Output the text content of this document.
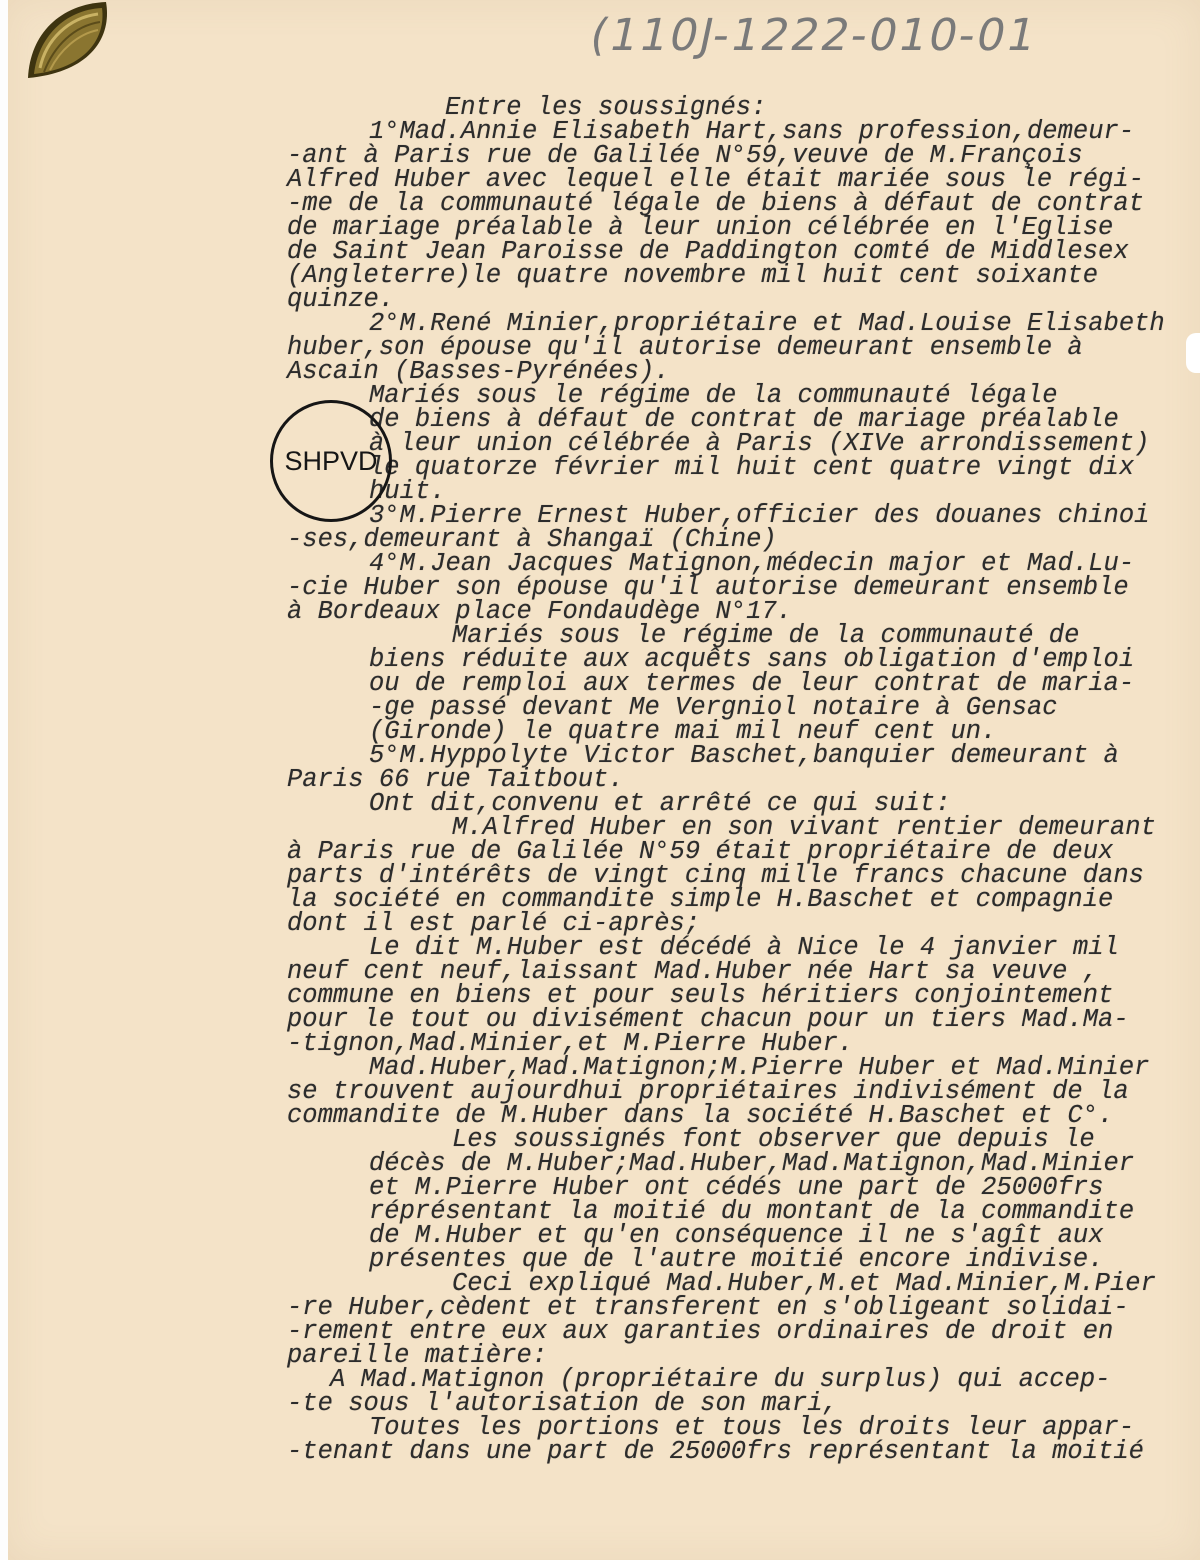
(110J-1222-010-01
Entre les soussignés:
1°Mad.Annie Elisabeth Hart,sans profession,demeur-
-ant à Paris rue de Galilée N°59,veuve de M.François
Alfred Huber avec lequel elle était mariée sous le régi-
-me de la communauté légale de biens à défaut de contrat
de mariage préalable à leur union célébrée en l'Eglise
de Saint Jean Paroisse de Paddington comté de Middlesex
(Angleterre)le quatre novembre mil huit cent soixante
quinze.
2°M.René Minier,propriétaire et Mad.Louise Elisabeth
huber,son épouse qu'il autorise demeurant ensemble à
Ascain (Basses-Pyrénées).
Mariés sous le régime de la communauté légale
de biens à défaut de contrat de mariage préalable
à leur union célébrée à Paris (XIVe arrondissement)
le quatorze février mil huit cent quatre vingt dix
huit.
3°M.Pierre Ernest Huber,officier des douanes chinoi
-ses,demeurant à Shangaï (Chine)
4°M.Jean Jacques Matignon,médecin major et Mad.Lu-
-cie Huber son épouse qu'il autorise demeurant ensemble
à Bordeaux place Fondaudège N°17.
Mariés sous le régime de la communauté de
biens réduite aux acquêts sans obligation d'emploi
ou de remploi aux termes de leur contrat de maria-
-ge passé devant Me Vergniol notaire à Gensac
(Gironde) le quatre mai mil neuf cent un.
5°M.Hyppolyte Victor Baschet,banquier demeurant à
Paris 66 rue Taitbout.
Ont dit,convenu et arrêté ce qui suit:
M.Alfred Huber en son vivant rentier demeurant
à Paris rue de Galilée N°59 était propriétaire de deux
parts d'intérêts de vingt cinq mille francs chacune dans
la société en commandite simple H.Baschet et compagnie
dont il est parlé ci-après;
Le dit M.Huber est décédé à Nice le 4 janvier mil
neuf cent neuf,laissant Mad.Huber née Hart sa veuve ,
commune en biens et pour seuls héritiers conjointement
pour le tout ou divisément chacun pour un tiers Mad.Ma-
-tignon,Mad.Minier,et M.Pierre Huber.
Mad.Huber,Mad.Matignon;M.Pierre Huber et Mad.Minier
se trouvent aujourdhui propriétaires indivisément de la
commandite de M.Huber dans la société H.Baschet et C°.
Les soussignés font observer que depuis le
décès de M.Huber;Mad.Huber,Mad.Matignon,Mad.Minier
et M.Pierre Huber ont cédés une part de 25000frs
réprésentant la moitié du montant de la commandite
de M.Huber et qu'en conséquence il ne s'agît aux
présentes que de l'autre moitié encore indivise.
Ceci expliqué Mad.Huber,M.et Mad.Minier,M.Pier
-re Huber,cèdent et transferent en s'obligeant solidai-
-rement entre eux aux garanties ordinaires de droit en
pareille matière:
A Mad.Matignon (propriétaire du surplus) qui accep-
-te sous l'autorisation de son mari,
Toutes les portions et tous les droits leur appar-
-tenant dans une part de 25000frs représentant la moitié
SHPVD
